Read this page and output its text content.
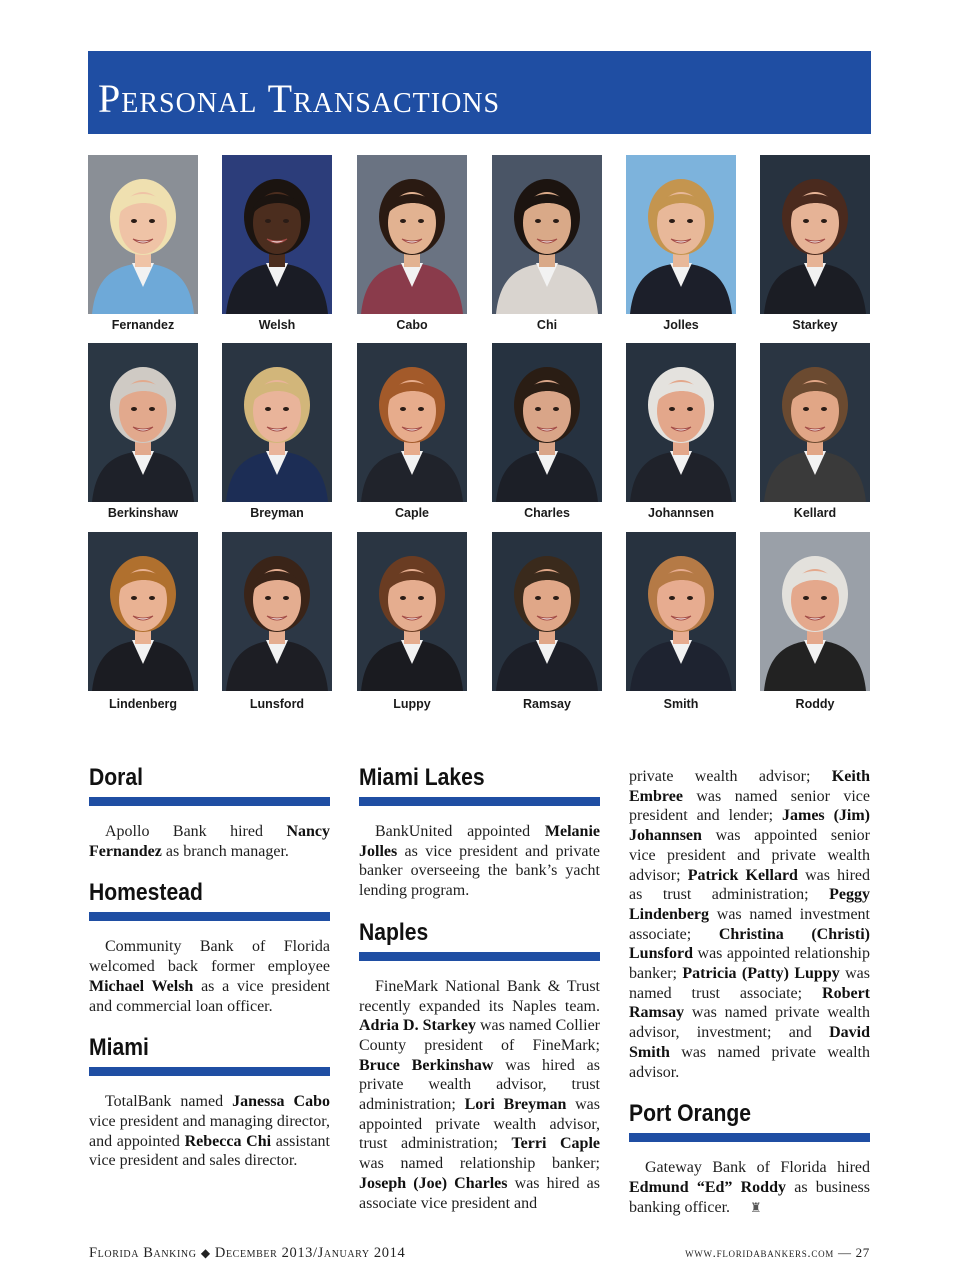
Personal Transactions
Fernandez	Welsh	Cabo	Chi	Jolles	Starkey
Berkinshaw	Breyman	Caple	Charles	Johannsen	Kellard
Lindenberg	Lunsford	Luppy	Ramsay	Smith	Roddy
Doral

Apollo Bank hired Nancy Fernandez as branch manager.

Homestead

Community Bank of Florida welcomed back former employee Michael Welsh as a vice president and commercial loan officer.

Miami

TotalBank named Janessa Cabo vice president and managing director, and appointed Rebecca Chi assistant vice president and sales director.

Miami Lakes

BankUnited appointed Melanie Jolles as vice president and private banker overseeing the bank’s yacht lending program.

Naples

FineMark National Bank & Trust recently expanded its Naples team. Adria D. Starkey was named Collier County president of FineMark; Bruce Berkinshaw was hired as private wealth advisor, trust administration; Lori Breyman was appointed private wealth advisor, trust administration; Terri Caple was named relationship banker; Joseph (Joe) Charles was hired as associate vice president and

private wealth advisor; Keith Embree was named senior vice president and lender; James (Jim) Johannsen was appointed senior vice president and private wealth advisor; Patrick Kellard was hired as trust administration; Peggy Lindenberg was named investment associate; Christina (Christi) Lunsford was appointed relationship banker; Patricia (Patty) Luppy was named trust associate; Robert Ramsay was named private wealth advisor, investment; and David Smith was named private wealth advisor.

Port Orange

Gateway Bank of Florida hired Edmund “Ed” Roddy as business banking officer. ♜

Florida Banking ◆ December 2013/January 2014	www.floridabankers.com — 27
